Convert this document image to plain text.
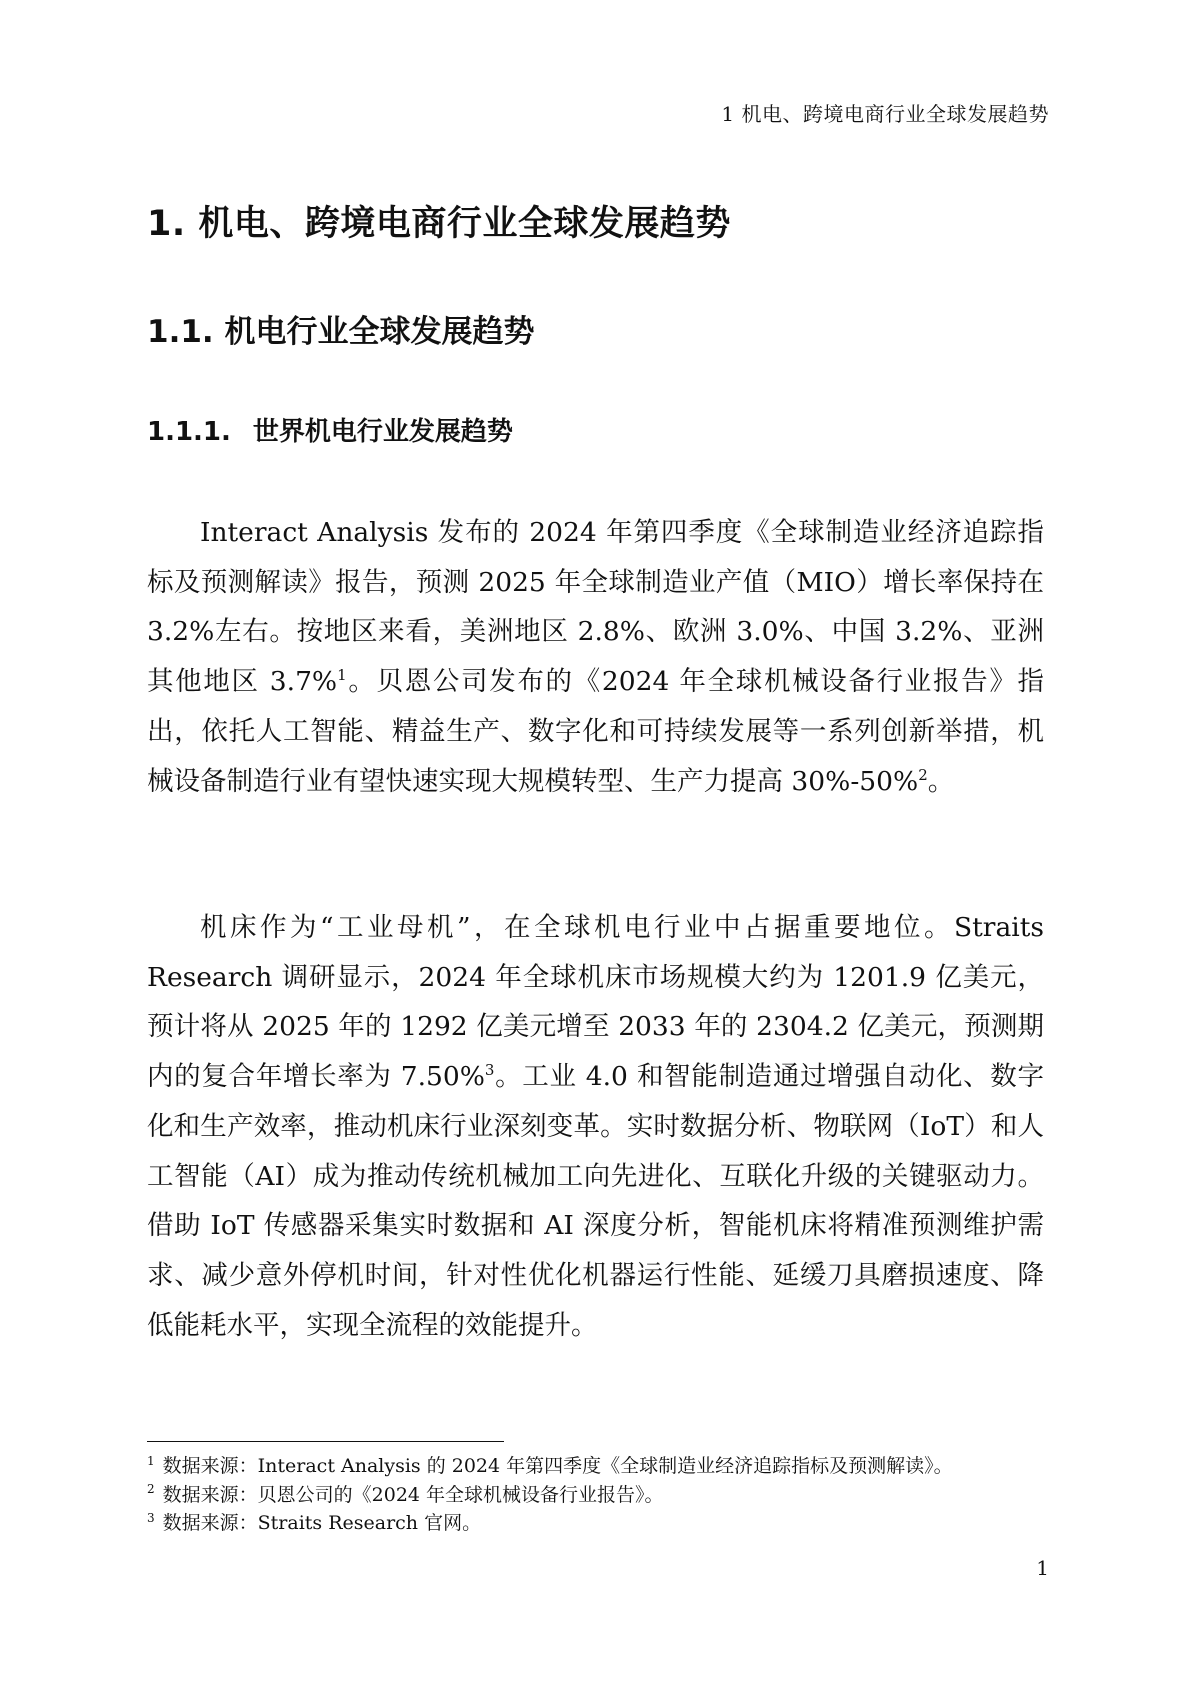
1 机电、跨境电商行业全球发展趋势
1. 机电、跨境电商行业全球发展趋势
1.1. 机电行业全球发展趋势
1.1.1. 世界机电行业发展趋势

Interact Analysis 发布的 2024 年第四季度《全球制造业经济追踪指标及预测解读》报告，预测 2025 年全球制造业产值（MIO）增长率保持在 3.2%左右。按地区来看，美洲地区 2.8%、欧洲 3.0%、中国 3.2%、亚洲其他地区 3.7%$^1$。贝恩公司发布的《2024 年全球机械设备行业报告》指出，依托人工智能、精益生产、数字化和可持续发展等一系列创新举措，机械设备制造行业有望快速实现大规模转型、生产力提高 30%-50%$^2$。

机床作为“工业母机”，在全球机电行业中占据重要地位。Straits Research 调研显示，2024 年全球机床市场规模大约为 1201.9 亿美元，预计将从 2025 年的 1292 亿美元增至 2033 年的 2304.2 亿美元，预测期内的复合年增长率为 7.50%$^3$。工业 4.0 和智能制造通过增强自动化、数字化和生产效率，推动机床行业深刻变革。实时数据分析、物联网（IoT）和人工智能（AI）成为推动传统机械加工向先进化、互联化升级的关键驱动力。借助 IoT 传感器采集实时数据和 AI 深度分析，智能机床将精准预测维护需求、减少意外停机时间，针对性优化机器运行性能、延缓刀具磨损速度、降低能耗水平，实现全流程的效能提升。

$^1$ 数据来源：Interact Analysis 的 2024 年第四季度《全球制造业经济追踪指标及预测解读》。
$^2$ 数据来源：贝恩公司的《2024 年全球机械设备行业报告》。
$^3$ 数据来源：Straits Research 官网。
1
